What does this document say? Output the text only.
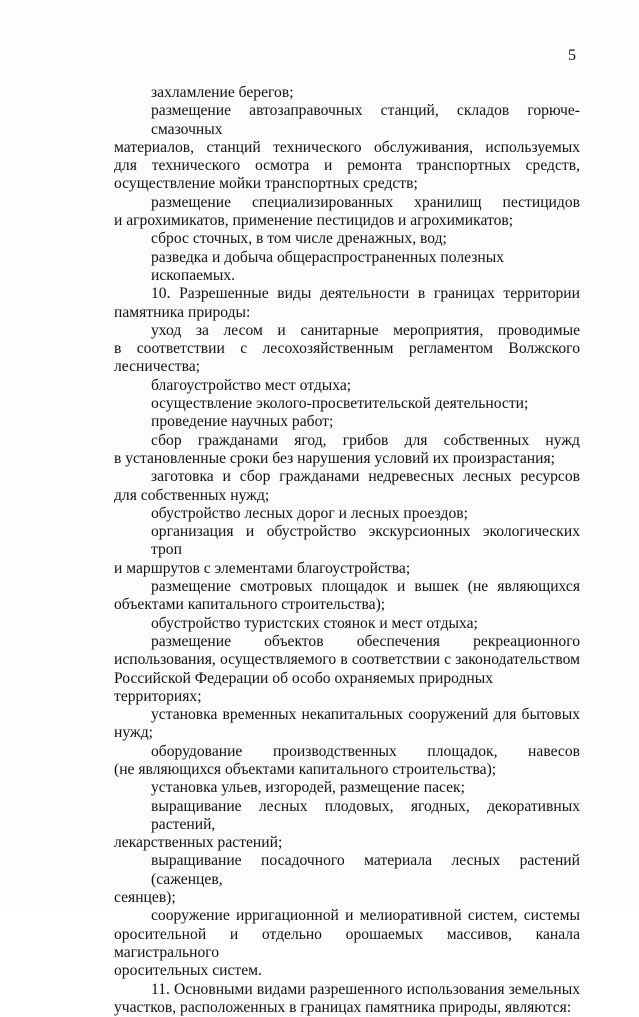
5
захламление берегов;
размещение автозаправочных станций, складов горюче-смазочных
материалов, станций технического обслуживания, используемых
для технического осмотра и ремонта транспортных средств,
осуществление мойки транспортных средств;
размещение специализированных хранилищ пестицидов
и агрохимикатов, применение пестицидов и агрохимикатов;
сброс сточных, в том числе дренажных, вод;
разведка и добыча общераспространенных полезных ископаемых.
10. Разрешенные виды деятельности в границах территории
памятника природы:
уход за лесом и санитарные мероприятия, проводимые
в соответствии с лесохозяйственным регламентом Волжского
лесничества;
благоустройство мест отдыха;
осуществление эколого-просветительской деятельности;
проведение научных работ;
сбор гражданами ягод, грибов для собственных нужд
в установленные сроки без нарушения условий их произрастания;
заготовка и сбор гражданами недревесных лесных ресурсов
для собственных нужд;
обустройство лесных дорог и лесных проездов;
организация и обустройство экскурсионных экологических троп
и маршрутов с элементами благоустройства;
размещение смотровых площадок и вышек (не являющихся
объектами капитального строительства);
обустройство туристских стоянок и мест отдыха;
размещение объектов обеспечения рекреационного
использования, осуществляемого в соответствии с законодательством
Российской Федерации об особо охраняемых природных территориях;
установка временных некапитальных сооружений для бытовых
нужд;
оборудование производственных площадок, навесов
(не являющихся объектами капитального строительства);
установка ульев, изгородей, размещение пасек;
выращивание лесных плодовых, ягодных, декоративных растений,
лекарственных растений;
выращивание посадочного материала лесных растений (саженцев,
сеянцев);
сооружение ирригационной и мелиоративной систем, системы
оросительной и отдельно орошаемых массивов, канала магистрального
оросительных систем.
11. Основными видами разрешенного использования земельных
участков, расположенных в границах памятника природы, являются:
